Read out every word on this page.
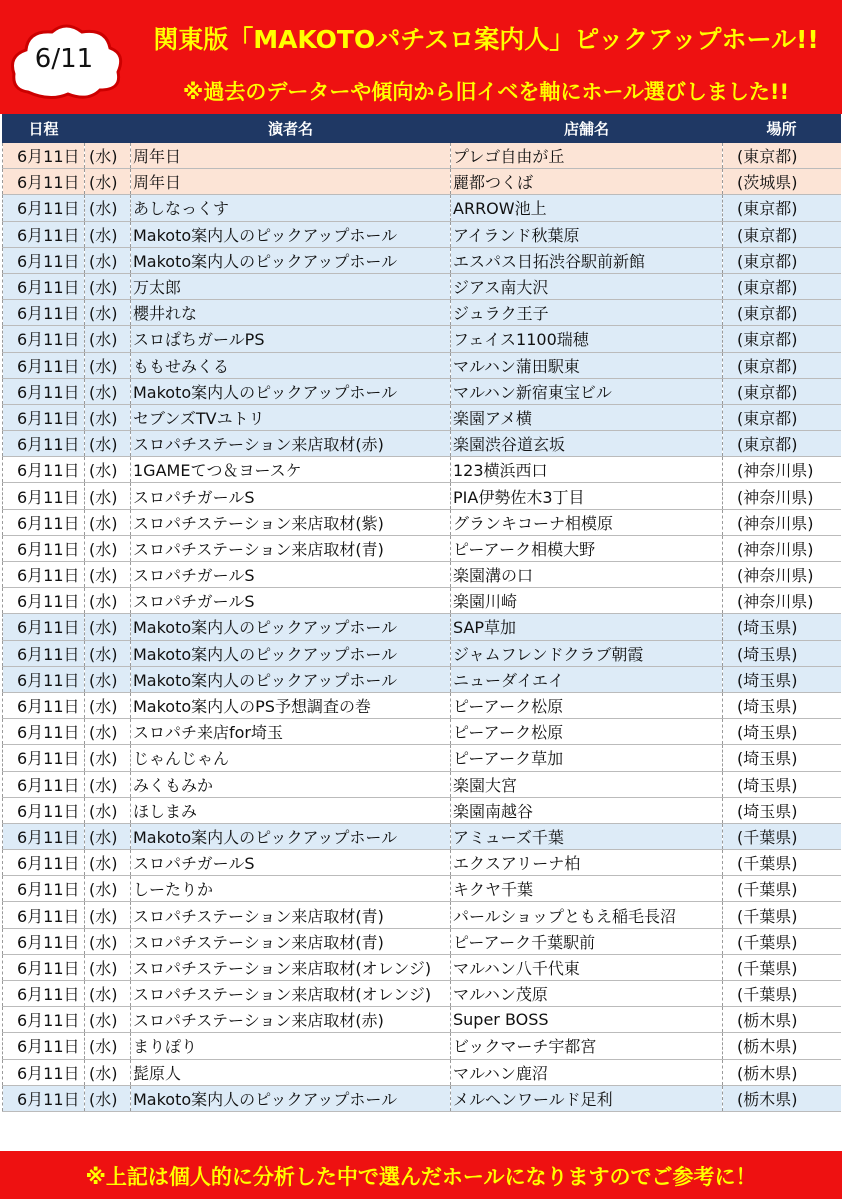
6/11
関東版「MAKOTOパチスロ案内人」ピックアップホール!!
※過去のデーターや傾向から旧イベを軸にホール選びしました!!
日程		演者名	店舗名	場所
6月11日	(水)	周年日	プレゴ自由が丘	(東京都)
6月11日	(水)	周年日	麗都つくば	(茨城県)
6月11日	(水)	あしなっくす	ARROW池上	(東京都)
6月11日	(水)	Makoto案内人のピックアップホール	アイランド秋葉原	(東京都)
6月11日	(水)	Makoto案内人のピックアップホール	エスパス日拓渋谷駅前新館	(東京都)
6月11日	(水)	万太郎	ジアス南大沢	(東京都)
6月11日	(水)	櫻井れな	ジュラク王子	(東京都)
6月11日	(水)	スロぱちガールPS	フェイス1100瑞穂	(東京都)
6月11日	(水)	ももせみくる	マルハン蒲田駅東	(東京都)
6月11日	(水)	Makoto案内人のピックアップホール	マルハン新宿東宝ビル	(東京都)
6月11日	(水)	セブンズTVユトリ	楽園アメ横	(東京都)
6月11日	(水)	スロパチステーション来店取材(赤)	楽園渋谷道玄坂	(東京都)
6月11日	(水)	1GAMEてつ＆ヨースケ	123横浜西口	(神奈川県)
6月11日	(水)	スロパチガールS	PIA伊勢佐木3丁目	(神奈川県)
6月11日	(水)	スロパチステーション来店取材(紫)	グランキコーナ相模原	(神奈川県)
6月11日	(水)	スロパチステーション来店取材(青)	ピーアーク相模大野	(神奈川県)
6月11日	(水)	スロパチガールS	楽園溝の口	(神奈川県)
6月11日	(水)	スロパチガールS	楽園川崎	(神奈川県)
6月11日	(水)	Makoto案内人のピックアップホール	SAP草加	(埼玉県)
6月11日	(水)	Makoto案内人のピックアップホール	ジャムフレンドクラブ朝霞	(埼玉県)
6月11日	(水)	Makoto案内人のピックアップホール	ニューダイエイ	(埼玉県)
6月11日	(水)	Makoto案内人のPS予想調査の巻	ピーアーク松原	(埼玉県)
6月11日	(水)	スロパチ来店for埼玉	ピーアーク松原	(埼玉県)
6月11日	(水)	じゃんじゃん	ピーアーク草加	(埼玉県)
6月11日	(水)	みくもみか	楽園大宮	(埼玉県)
6月11日	(水)	ほしまみ	楽園南越谷	(埼玉県)
6月11日	(水)	Makoto案内人のピックアップホール	アミューズ千葉	(千葉県)
6月11日	(水)	スロパチガールS	エクスアリーナ柏	(千葉県)
6月11日	(水)	しーたりか	キクヤ千葉	(千葉県)
6月11日	(水)	スロパチステーション来店取材(青)	パールショップともえ稲毛長沼	(千葉県)
6月11日	(水)	スロパチステーション来店取材(青)	ピーアーク千葉駅前	(千葉県)
6月11日	(水)	スロパチステーション来店取材(オレンジ)	マルハン八千代東	(千葉県)
6月11日	(水)	スロパチステーション来店取材(オレンジ)	マルハン茂原	(千葉県)
6月11日	(水)	スロパチステーション来店取材(赤)	Super BOSS	(栃木県)
6月11日	(水)	まりぽり	ビックマーチ宇都宮	(栃木県)
6月11日	(水)	髭原人	マルハン鹿沼	(栃木県)
6月11日	(水)	Makoto案内人のピックアップホール	メルヘンワールド足利	(栃木県)
※上記は個人的に分析した中で選んだホールになりますのでご参考に！
